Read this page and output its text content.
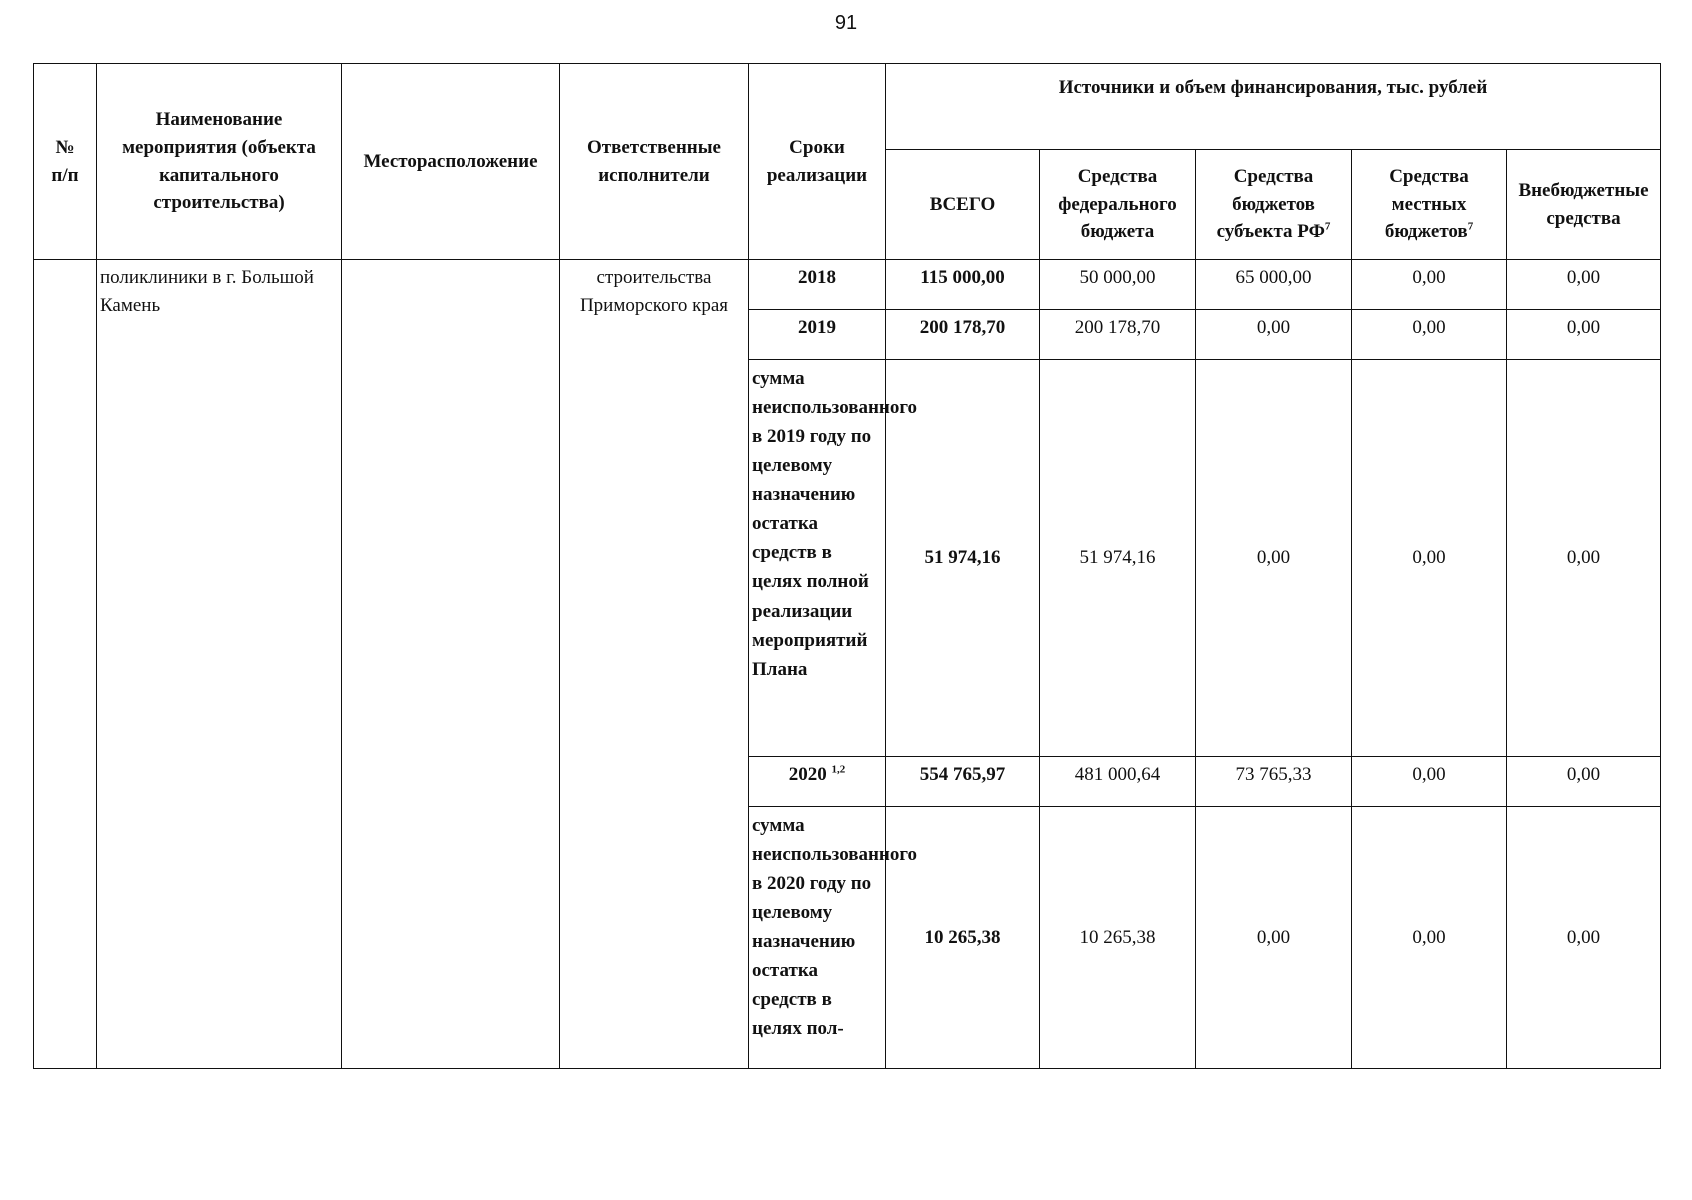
91
№
п/п	Наименование мероприятия (объекта капитального строительства)	Месторасположение	Ответственные исполнители	Сроки реализации	Источники и объем финансирования, тыс. рублей				
					ВСЕГО	Средства федерального бюджета	Средства бюджетов субъекта $РФ^7$	Средства местных бюджетов$^7$	Внебюджетные средства
	поликлиники в г. Большой Камень		строительства Приморского края	2018	115 000,00	50 000,00	65 000,00	0,00	0,00
				2019	200 178,70	200 178,70	0,00	0,00	0,00
				сумма неиспользованного в 2019 году по целевому назначению остатка средств в целях полной реализации мероприятий Плана	51 974,16	51 974,16	0,00	0,00	0,00
				2020 $^{1,2}$	554 765,97	481 000,64	73 765,33	0,00	0,00

				сумма неиспользованного в 2020 году по целевому назначению остатка средств в целях пол-	10 265,38	10 265,38	0,00	0,00	0,00
